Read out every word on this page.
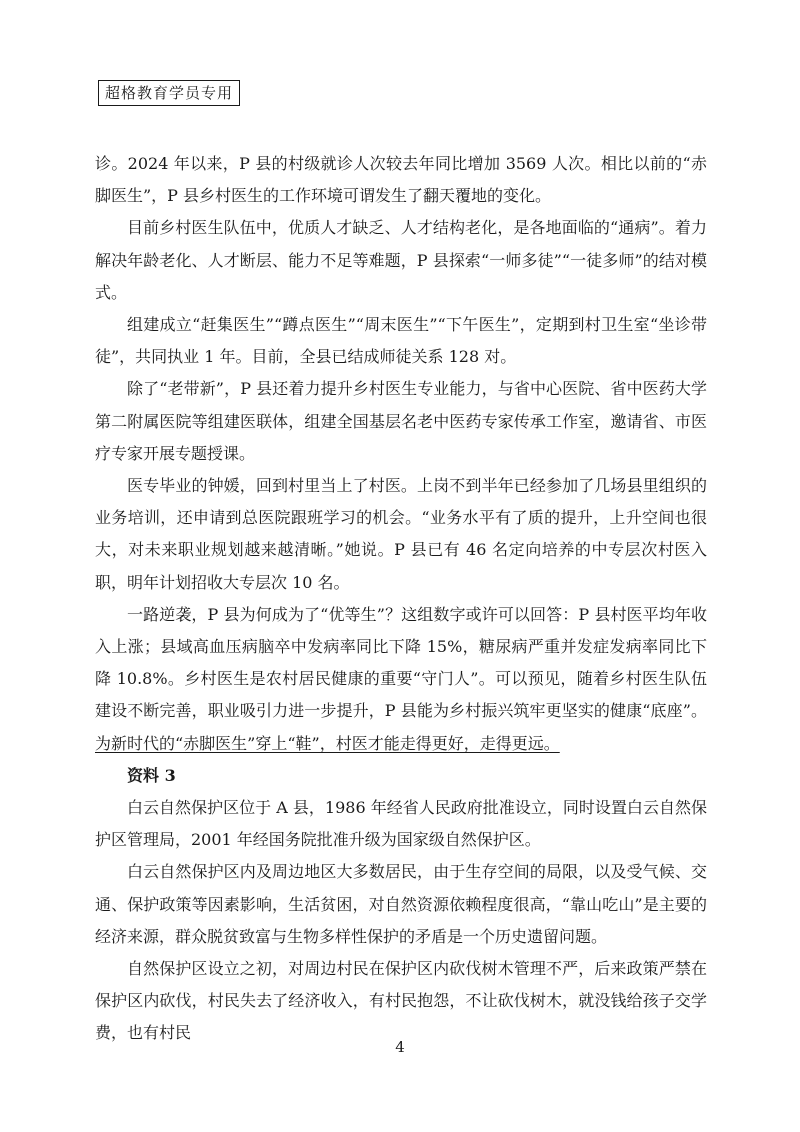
超格教育学员专用

诊。2024 年以来，P 县的村级就诊人次较去年同比增加 3569 人次。相比以前的“赤脚医生”，P 县乡村医生的工作环境可谓发生了翻天覆地的变化。

目前乡村医生队伍中，优质人才缺乏、人才结构老化，是各地面临的“通病”。着力解决年龄老化、人才断层、能力不足等难题，P 县探索“一师多徒”“一徒多师”的结对模式。

组建成立“赶集医生”“蹲点医生”“周末医生”“下午医生”，定期到村卫生室“坐诊带徒”，共同执业 1 年。目前，全县已结成师徒关系 128 对。

除了“老带新”，P 县还着力提升乡村医生专业能力，与省中心医院、省中医药大学第二附属医院等组建医联体，组建全国基层名老中医药专家传承工作室，邀请省、市医疗专家开展专题授课。

医专毕业的钟媛，回到村里当上了村医。上岗不到半年已经参加了几场县里组织的业务培训，还申请到总医院跟班学习的机会。“业务水平有了质的提升，上升空间也很大，对未来职业规划越来越清晰。”她说。P 县已有 46 名定向培养的中专层次村医入职，明年计划招收大专层次 10 名。

一路逆袭，P 县为何成为了“优等生”？这组数字或许可以回答：P 县村医平均年收入上涨；县域高血压病脑卒中发病率同比下降 15%，糖尿病严重并发症发病率同比下降 10.8%。乡村医生是农村居民健康的重要“守门人”。可以预见，随着乡村医生队伍建设不断完善，职业吸引力进一步提升，P 县能为乡村振兴筑牢更坚实的健康“底座”。为新时代的“赤脚医生”穿上“鞋”，村医才能走得更好，走得更远。

资料 3

白云自然保护区位于 A 县，1986 年经省人民政府批准设立，同时设置白云自然保护区管理局，2001 年经国务院批准升级为国家级自然保护区。

白云自然保护区内及周边地区大多数居民，由于生存空间的局限，以及受气候、交通、保护政策等因素影响，生活贫困，对自然资源依赖程度很高，“靠山吃山”是主要的经济来源，群众脱贫致富与生物多样性保护的矛盾是一个历史遗留问题。

自然保护区设立之初，对周边村民在保护区内砍伐树木管理不严，后来政策严禁在保护区内砍伐，村民失去了经济收入，有村民抱怨，不让砍伐树木，就没钱给孩子交学费，也有村民

4
